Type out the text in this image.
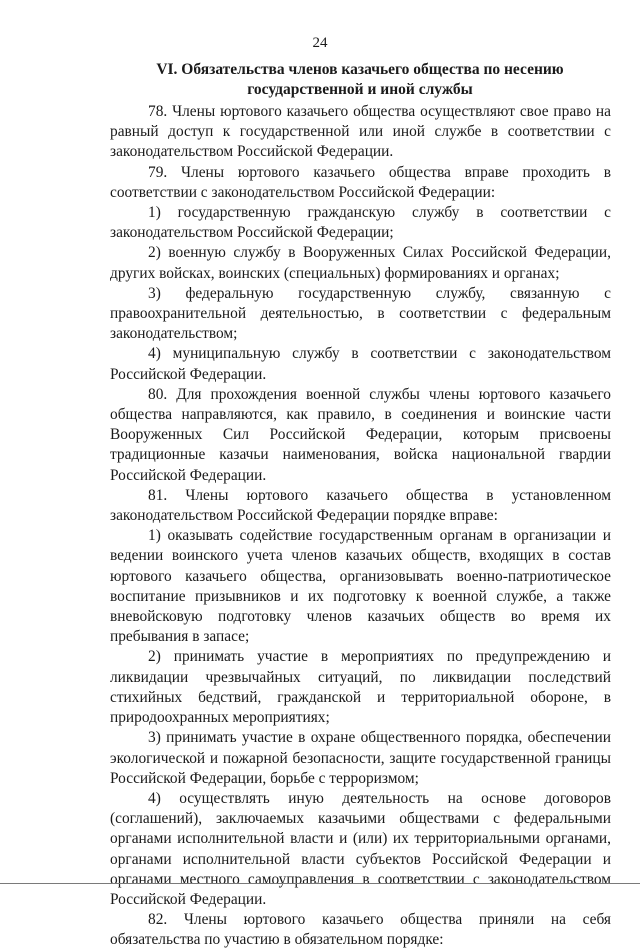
24
VI. Обязательства членов казачьего общества по несению
государственной и иной службы

78. Члены юртового казачьего общества осуществляют свое право на равный доступ к государственной или иной службе в соответствии с законодательством Российской Федерации.

79. Члены юртового казачьего общества вправе проходить в соответствии с законодательством Российской Федерации:

1) государственную гражданскую службу в соответствии с законодательством Российской Федерации;

2) военную службу в Вооруженных Силах Российской Федерации, других войсках, воинских (специальных) формированиях и органах;

3) федеральную государственную службу, связанную с правоохранительной деятельностью, в соответствии с федеральным законодательством;

4) муниципальную службу в соответствии с законодательством Российской Федерации.

80. Для прохождения военной службы члены юртового казачьего общества направляются, как правило, в соединения и воинские части Вооруженных Сил Российской Федерации, которым присвоены традиционные казачьи наименования, войска национальной гвардии Российской Федерации.

81. Члены юртового казачьего общества в установленном законодательством Российской Федерации порядке вправе:

1) оказывать содействие государственным органам в организации и ведении воинского учета членов казачьих обществ, входящих в состав юртового казачьего общества, организовывать военно-патриотическое воспитание призывников и их подготовку к военной службе, а также вневойсковую подготовку членов казачьих обществ во время их пребывания в запасе;

2) принимать участие в мероприятиях по предупреждению и ликвидации чрезвычайных ситуаций, по ликвидации последствий стихийных бедствий, гражданской и территориальной обороне, в природоохранных мероприятиях;

3) принимать участие в охране общественного порядка, обеспечении экологической и пожарной безопасности, защите государственной границы Российской Федерации, борьбе с терроризмом;

4) осуществлять иную деятельность на основе договоров (соглашений), заключаемых казачьими обществами с федеральными органами исполнительной власти и (или) их территориальными органами, органами исполнительной власти субъектов Российской Федерации и органами местного самоуправления в соответствии с законодательством Российской Федерации.

82. Члены юртового казачьего общества приняли на себя обязательства по участию в обязательном порядке:
